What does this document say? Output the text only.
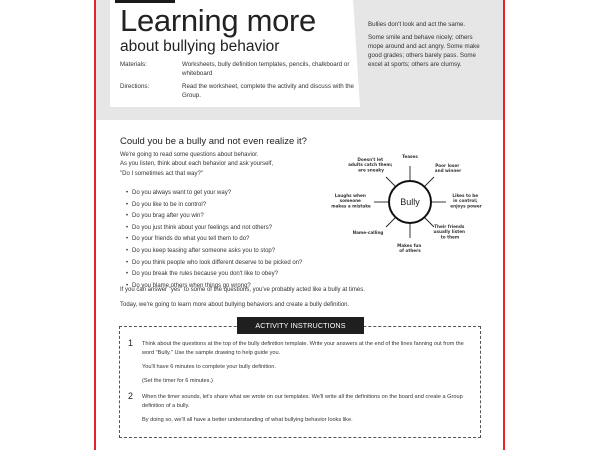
Learning more
about bullying behavior
Materials:	Worksheets, bully definition templates, pencils, chalkboard or whiteboard
Directions:	Read the worksheet, complete the activity and discuss with the Group.

Bullies don't look and act the same.

Some smile and behave nicely; others mope around and act angry. Some make good grades; others barely pass. Some excel at sports; others are clumsy.

Could you be a bully and not even realize it?
We're going to read some questions about behavior.
As you listen, think about each behavior and ask yourself,
"Do I sometimes act that way?"
• Do you always want to get your way?
• Do you like to be in control?
• Do you brag after you win?
• Do you just think about your feelings and not others?
• Do your friends do what you tell them to do?
• Do you keep teasing after someone asks you to stop?
• Do you think people who look different deserve to be picked on?
• Do you break the rules because you don't like to obey?
• Do you blame others when things go wrong?
If you can answer "yes" to some of the questions, you've probably acted like a bully at times.
Today, we're going to learn more about bullying behaviors and create a bully definition.
Bully
Teases
Poor loser and winner
Likes to be in control; enjoys power
Their friends usually listen to them
Makes fun of others
Name-calling
Laughs when someone makes a mistake
Doesn't let adults catch them; are sneaky
ACTIVITY INSTRUCTIONS
1 Think about the questions at the top of the bully definition template. Write your answers at the end of the lines fanning out from the word "Bully." Use the sample drawing to help guide you.
You'll have 6 minutes to complete your bully definition.
(Set the timer for 6 minutes.)
2 When the timer sounds, let's share what we wrote on our templates. We'll write all the definitions on the board and create a Group definition of a bully.
By doing so, we'll all have a better understanding of what bullying behavior looks like.
